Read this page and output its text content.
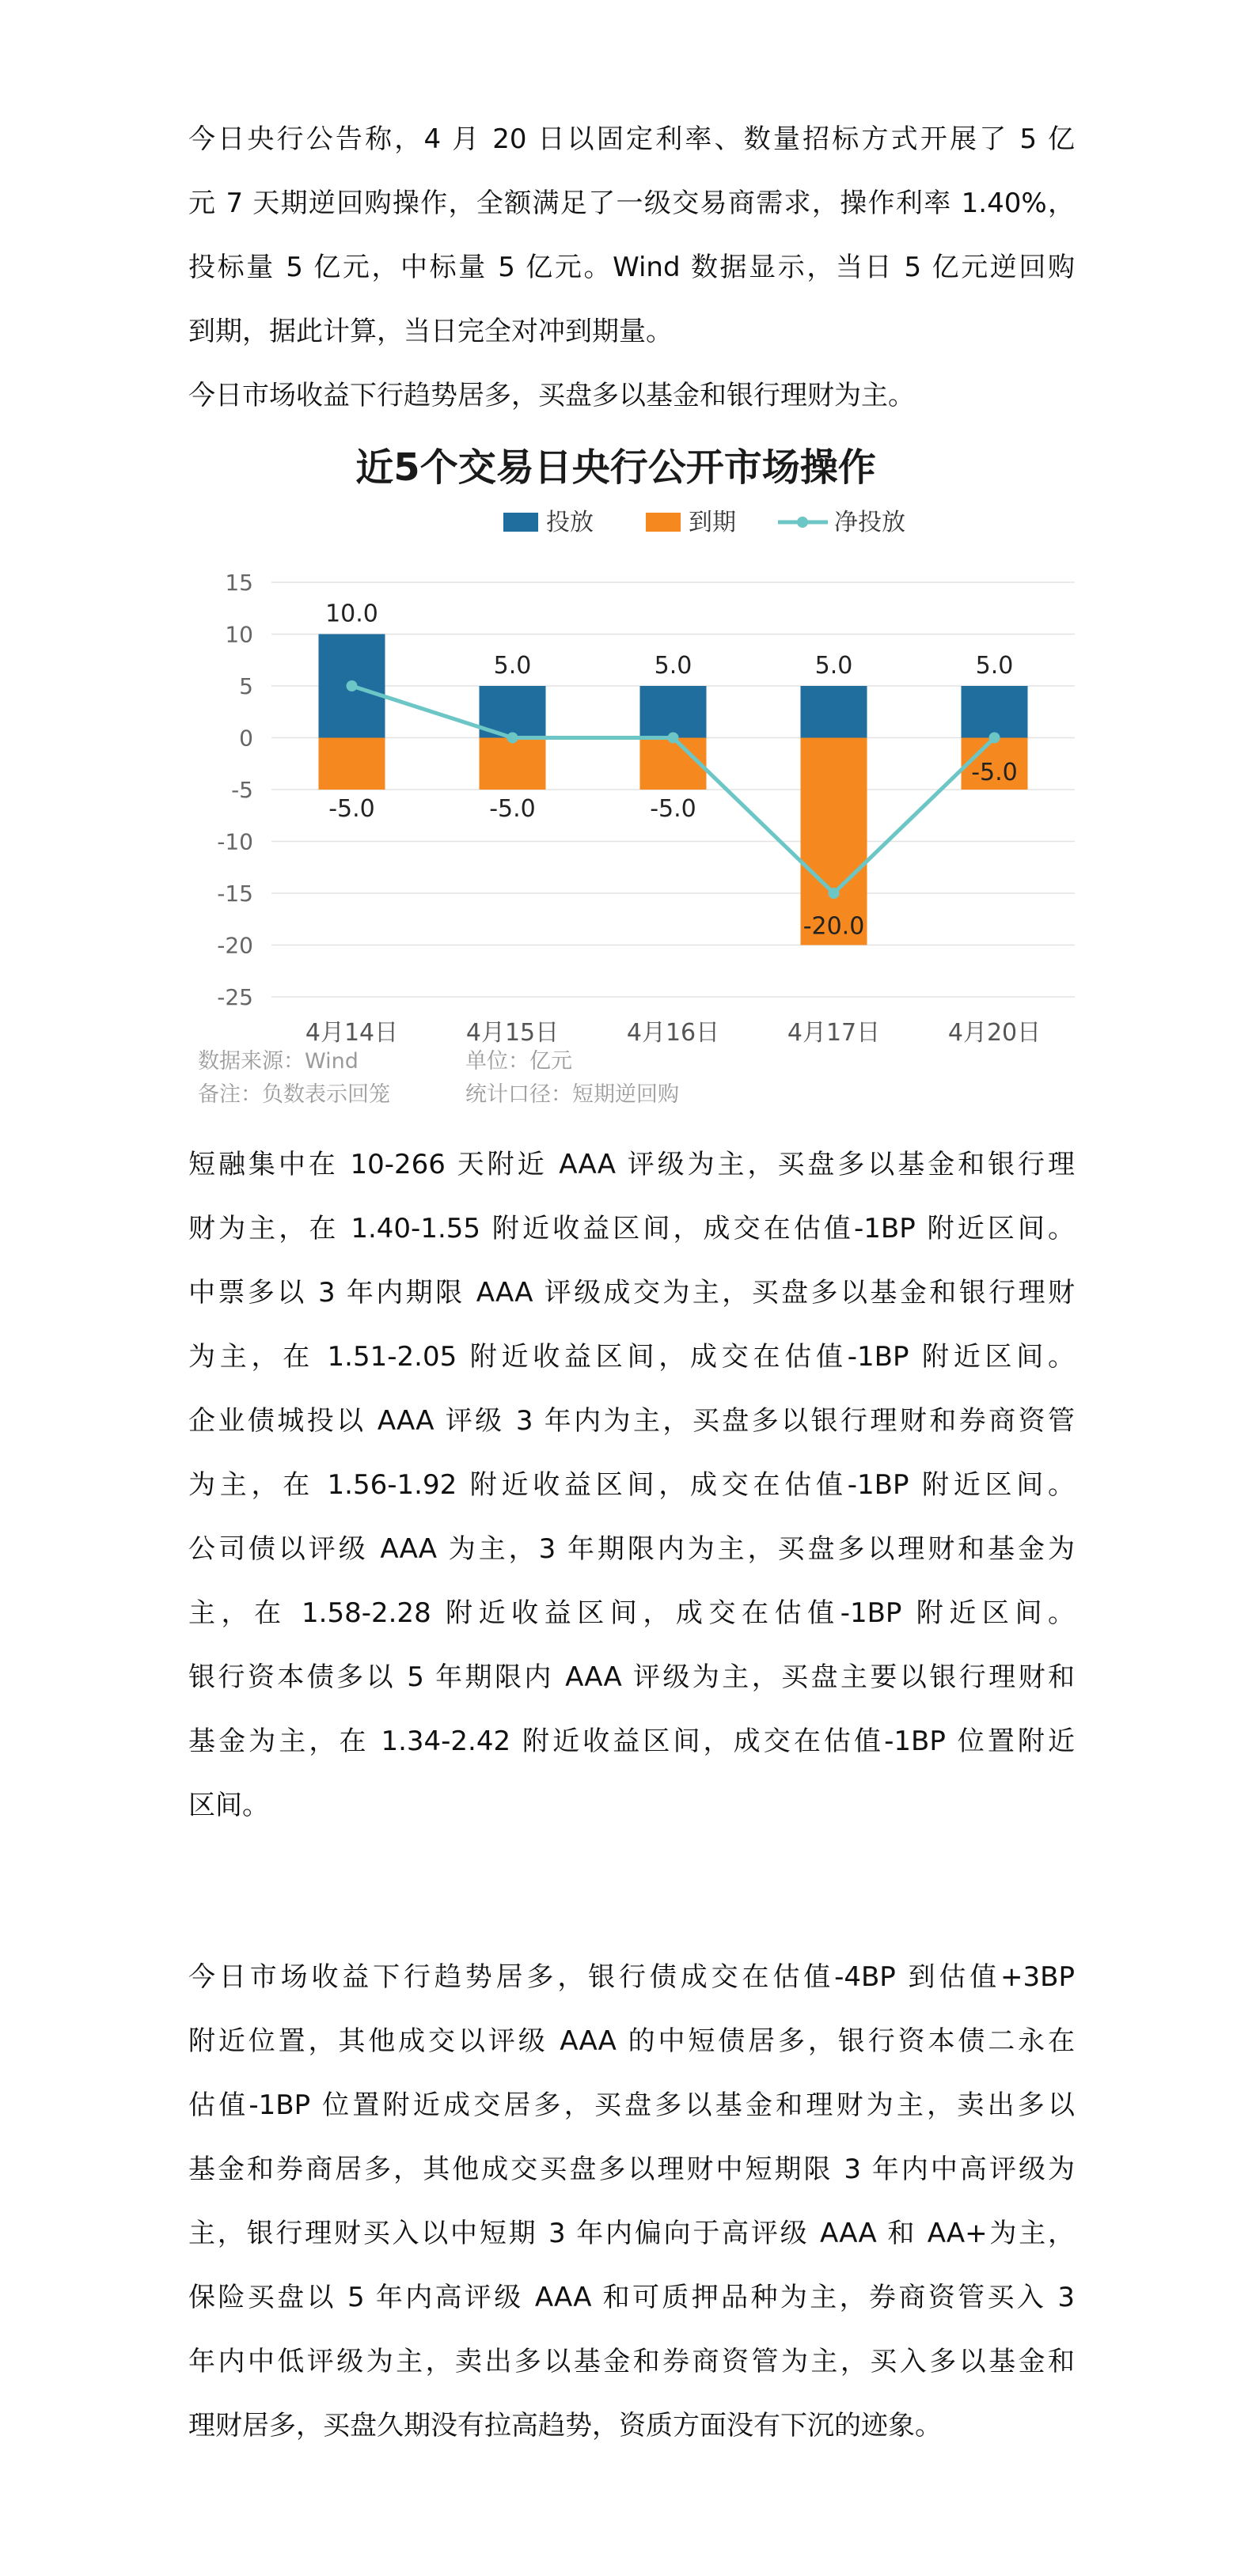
今日央行公告称，4 月 20 日以固定利率、数量招标方式开展了 5 亿
元 7 天期逆回购操作，全额满足了一级交易商需求，操作利率 1.40%，
投标量 5 亿元，中标量 5 亿元。Wind 数据显示，当日 5 亿元逆回购
到期，据此计算，当日完全对冲到期量。
今日市场收益下行趋势居多，买盘多以基金和银行理财为主。
近5个交易日央行公开市场操作
投放	到期	净投放
15
10
5
0
-5
-10
-15
-20
-25
10.0
-5.0
5.0
-5.0
5.0
-5.0
5.0
-20.0
5.0
-5.0
4月14日	4月15日	4月16日	4月17日	4月20日
数据来源：Wind	单位：亿元
备注：负数表示回笼	统计口径：短期逆回购
短融集中在 10-266 天附近 AAA 评级为主，买盘多以基金和银行理
财为主，在 1.40-1.55 附近收益区间，成交在估值-1BP 附近区间。
中票多以 3 年内期限 AAA 评级成交为主，买盘多以基金和银行理财
为主，在 1.51-2.05 附近收益区间，成交在估值-1BP 附近区间。
企业债城投以 AAA 评级 3 年内为主，买盘多以银行理财和券商资管
为主，在 1.56-1.92 附近收益区间，成交在估值-1BP 附近区间。
公司债以评级 AAA 为主，3 年期限内为主，买盘多以理财和基金为
主，在 1.58-2.28 附近收益区间，成交在估值-1BP 附近区间。
银行资本债多以 5 年期限内 AAA 评级为主，买盘主要以银行理财和
基金为主，在 1.34-2.42 附近收益区间，成交在估值-1BP 位置附近
区间。
今日市场收益下行趋势居多，银行债成交在估值-4BP 到估值+3BP
附近位置，其他成交以评级 AAA 的中短债居多，银行资本债二永在
估值-1BP 位置附近成交居多，买盘多以基金和理财为主，卖出多以
基金和券商居多，其他成交买盘多以理财中短期限 3 年内中高评级为
主，银行理财买入以中短期 3 年内偏向于高评级 AAA 和 AA+为主，
保险买盘以 5 年内高评级 AAA 和可质押品种为主，券商资管买入 3
年内中低评级为主，卖出多以基金和券商资管为主，买入多以基金和
理财居多，买盘久期没有拉高趋势，资质方面没有下沉的迹象。
